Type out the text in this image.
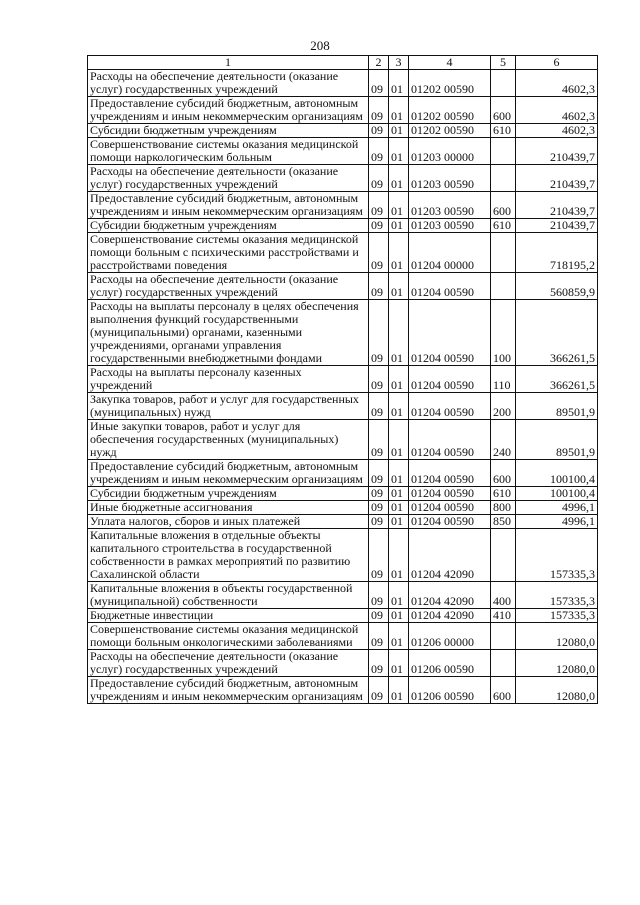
208
1	2	3	4	5	6
Расходы на обеспечение деятельности (оказание услуг) государственных учреждений	09	01	01202 00590		4602,3
Предоставление субсидий бюджетным, автономным учреждениям и иным некоммерческим организациям	09	01	01202 00590	600	4602,3
Субсидии бюджетным учреждениям	09	01	01202 00590	610	4602,3
Совершенствование системы оказания медицинской помощи наркологическим больным	09	01	01203 00000		210439,7
Расходы на обеспечение деятельности (оказание услуг) государственных учреждений	09	01	01203 00590		210439,7
Предоставление субсидий бюджетным, автономным учреждениям и иным некоммерческим организациям	09	01	01203 00590	600	210439,7
Субсидии бюджетным учреждениям	09	01	01203 00590	610	210439,7
Совершенствование системы оказания медицинской помощи больным с психическими расстройствами и расстройствами поведения	09	01	01204 00000		718195,2
Расходы на обеспечение деятельности (оказание услуг) государственных учреждений	09	01	01204 00590		560859,9
Расходы на выплаты персоналу в целях обеспечения выполнения функций государственными (муниципальными) органами, казенными учреждениями, органами управления государственными внебюджетными фондами	09	01	01204 00590	100	366261,5
Расходы на выплаты персоналу казенных учреждений	09	01	01204 00590	110	366261,5
Закупка товаров, работ и услуг для государственных (муниципальных) нужд	09	01	01204 00590	200	89501,9
Иные закупки товаров, работ и услуг для обеспечения государственных (муниципальных) нужд	09	01	01204 00590	240	89501,9
Предоставление субсидий бюджетным, автономным учреждениям и иным некоммерческим организациям	09	01	01204 00590	600	100100,4
Субсидии бюджетным учреждениям	09	01	01204 00590	610	100100,4
Иные бюджетные ассигнования	09	01	01204 00590	800	4996,1
Уплата налогов, сборов и иных платежей	09	01	01204 00590	850	4996,1
Капитальные вложения в отдельные объекты капитального строительства в государственной собственности в рамках мероприятий по развитию Сахалинской области	09	01	01204 42090		157335,3
Капитальные вложения в объекты государственной (муниципальной) собственности	09	01	01204 42090	400	157335,3
Бюджетные инвестиции	09	01	01204 42090	410	157335,3
Совершенствование системы оказания медицинской помощи больным онкологическими заболеваниями	09	01	01206 00000		12080,0
Расходы на обеспечение деятельности (оказание услуг) государственных учреждений	09	01	01206 00590		12080,0
Предоставление субсидий бюджетным, автономным учреждениям и иным некоммерческим организациям	09	01	01206 00590	600	12080,0
